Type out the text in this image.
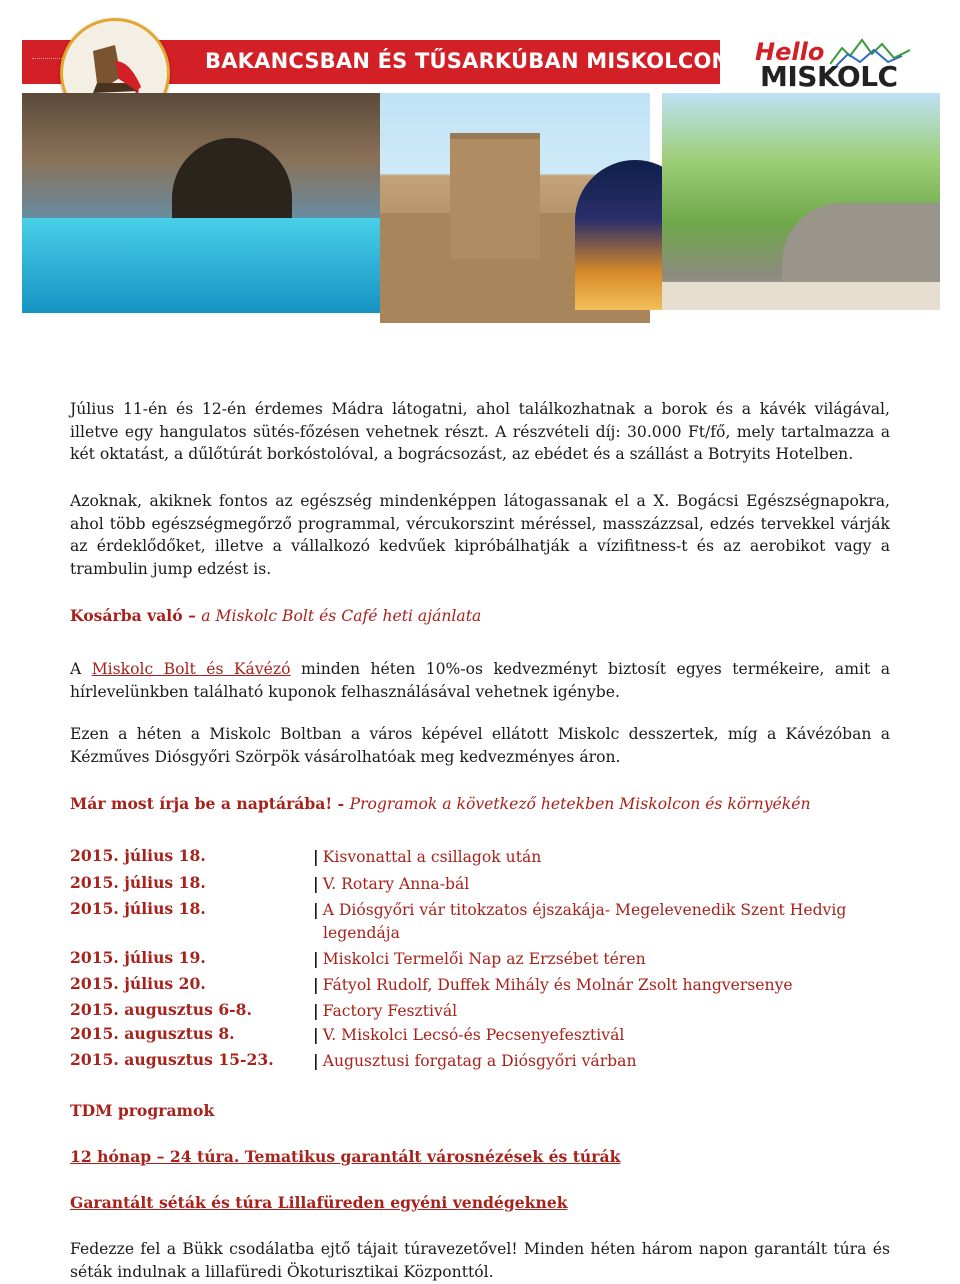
BAKANCSBAN ÉS TŰSARKÚBAN MISKOLCON Hello
MISKOLC
Július 11-én és 12-én érdemes Mádra látogatni, ahol találkozhatnak a borok és a kávék világával, illetve egy hangulatos sütés-főzésen vehetnek részt. A részvételi díj: 30.000 Ft/fő, mely tartalmazza a két oktatást, a dűlőtúrát borkóstolóval, a bográcsozást, az ebédet és a szállást a Botryits Hotelben.
Azoknak, akiknek fontos az egészség mindenképpen látogassanak el a X. Bogácsi Egészségnapokra, ahol több egészségmegőrző programmal, vércukorszint méréssel, masszázzsal, edzés tervekkel várják az érdeklődőket, illetve a vállalkozó kedvűek kipróbálhatják a vízifitness-t és az aerobikot vagy a trambulin jump edzést is.
Kosárba való – a Miskolc Bolt és Café heti ajánlata
A Miskolc Bolt és Kávézó minden héten 10%-os kedvezményt biztosít egyes termékeire, amit a hírlevelünkben található kuponok felhasználásával vehetnek igénybe.
Ezen a héten a Miskolc Boltban a város képével ellátott Miskolc desszertek, míg a Kávézóban a Kézműves Diósgyőri Szörpök vásárolhatóak meg kedvezményes áron.
Már most írja be a naptárába! - Programok a következő hetekben Miskolcon és környékén
2015. július 18.	| Kisvonattal a csillagok után
2015. július 18.	| V. Rotary Anna-bál
2015. július 18.	| A Diósgyőri vár titokzatos éjszakája- Megelevenedik Szent Hedvig
legendája
2015. július 19.	| Miskolci Termelői Nap az Erzsébet téren
2015. július 20.	| Fátyol Rudolf, Duffek Mihály és Molnár Zsolt hangversenye
2015. augusztus 6-8.	| Factory Fesztivál
2015. augusztus 8.	| V. Miskolci Lecsó-és Pecsenyefesztivál
2015. augusztus 15-23.	| Augusztusi forgatag a Diósgyőri várban
TDM programok
12 hónap – 24 túra. Tematikus garantált városnézések és túrák
Garantált séták és túra Lillafüreden egyéni vendégeknek
Fedezze fel a Bükk csodálatba ejtő tájait túravezetővel! Minden héten három napon garantált túra és séták indulnak a lillafüredi Ökoturisztikai Központtól.
